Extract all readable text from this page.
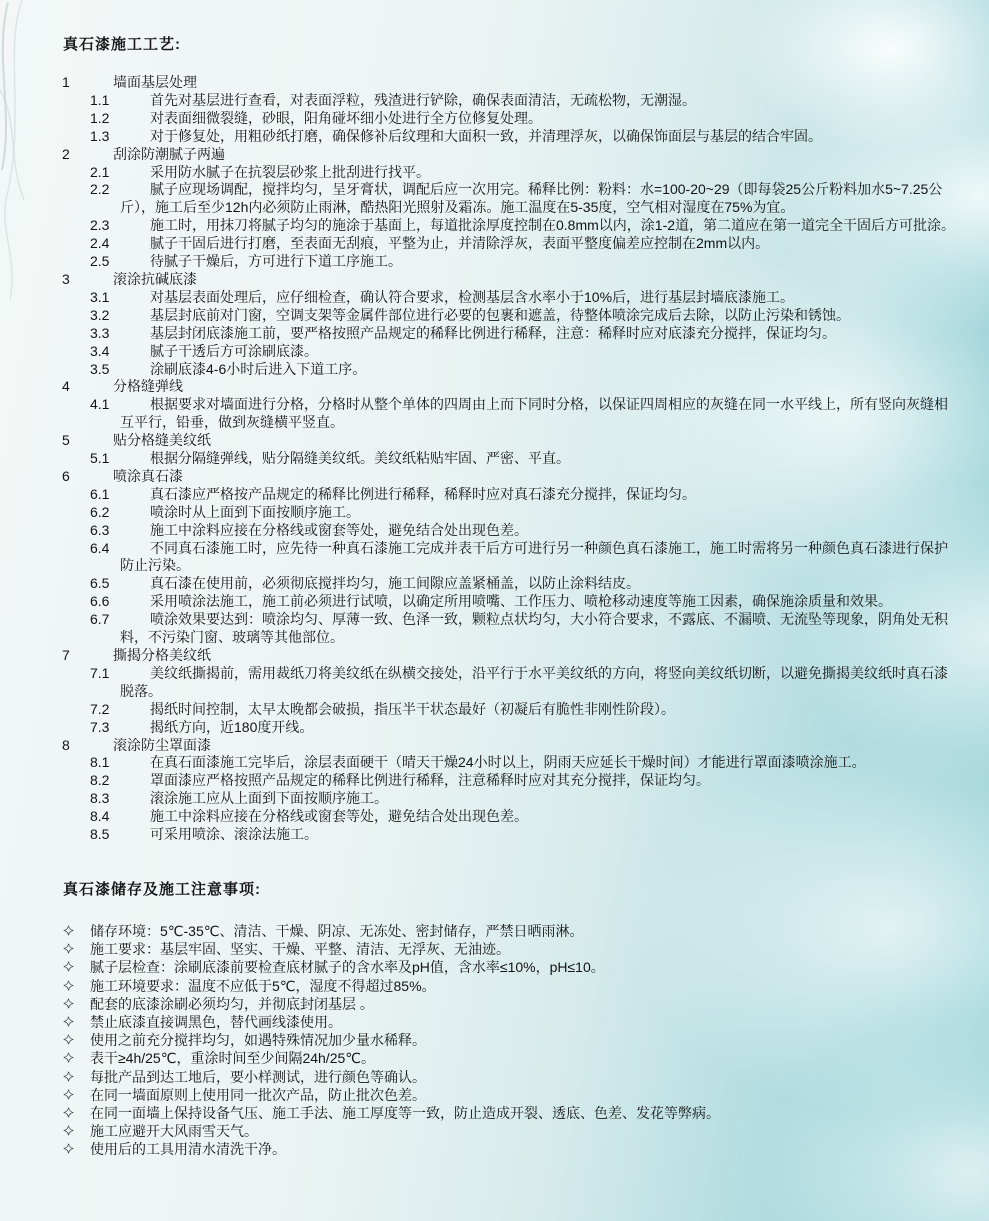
真石漆施工工艺:
1	墙面基层处理
1.1	首先对基层进行查看，对表面浮粒，残渣进行铲除，确保表面清洁，无疏松物，无潮湿。
1.2	对表面细微裂缝，砂眼，阳角碰坏细小处进行全方位修复处理。
1.3	对于修复处，用粗砂纸打磨，确保修补后纹理和大面积一致，并清理浮灰，以确保饰面层与基层的结合牢固。
2	刮涂防潮腻子两遍
2.1	采用防水腻子在抗裂层砂浆上批刮进行找平。
2.2	腻子应现场调配，搅拌均匀，呈牙膏状，调配后应一次用完。稀释比例：粉料：水=100-20~29（即每袋25公斤粉料加水5~7.25公斤），施工后至少12h内必须防止雨淋，酷热阳光照射及霜冻。施工温度在5-35度，空气相对湿度在75%为宜。
2.3	施工时，用抹刀将腻子均匀的施涂于基面上，每道批涂厚度控制在0.8mm以内，涂1-2道，第二道应在第一道完全干固后方可批涂。
2.4	腻子干固后进行打磨，至表面无刮痕，平整为止，并清除浮灰，表面平整度偏差应控制在2mm以内。
2.5	待腻子干燥后，方可进行下道工序施工。
3	滚涂抗碱底漆
3.1	对基层表面处理后，应仔细检查，确认符合要求，检测基层含水率小于10%后，进行基层封墙底漆施工。
3.2	基层封底前对门窗，空调支架等金属件部位进行必要的包裹和遮盖，待整体喷涂完成后去除，以防止污染和锈蚀。
3.3	基层封闭底漆施工前，要严格按照产品规定的稀释比例进行稀释，注意：稀释时应对底漆充分搅拌，保证均匀。
3.4	腻子干透后方可涂刷底漆。
3.5	涂刷底漆4-6小时后进入下道工序。
4	分格缝弹线
4.1	根据要求对墙面进行分格，分格时从整个单体的四周由上而下同时分格，以保证四周相应的灰缝在同一水平线上，所有竖向灰缝相互平行，铅垂，做到灰缝横平竖直。
5	贴分格缝美纹纸
5.1	根据分隔缝弹线，贴分隔缝美纹纸。美纹纸粘贴牢固、严密、平直。
6	喷涂真石漆
6.1	真石漆应严格按产品规定的稀释比例进行稀释，稀释时应对真石漆充分搅拌，保证均匀。
6.2	喷涂时从上面到下面按顺序施工。
6.3	施工中涂料应接在分格线或窗套等处，避免结合处出现色差。
6.4	不同真石漆施工时，应先待一种真石漆施工完成并表干后方可进行另一种颜色真石漆施工，施工时需将另一种颜色真石漆进行保护防止污染。
6.5	真石漆在使用前，必须彻底搅拌均匀，施工间隙应盖紧桶盖，以防止涂料结皮。
6.6	采用喷涂法施工，施工前必须进行试喷，以确定所用喷嘴、工作压力、喷枪移动速度等施工因素，确保施涂质量和效果。
6.7	喷涂效果要达到：喷涂均匀、厚薄一致、色泽一致，颗粒点状均匀，大小符合要求，不露底、不漏喷、无流坠等现象，阴角处无积料，不污染门窗、玻璃等其他部位。
7	撕揭分格美纹纸
7.1	美纹纸撕揭前，需用裁纸刀将美纹纸在纵横交接处，沿平行于水平美纹纸的方向，将竖向美纹纸切断，以避免撕揭美纹纸时真石漆脱落。
7.2	揭纸时间控制，太早太晚都会破损，指压半干状态最好（初凝后有脆性非刚性阶段）。
7.3	揭纸方向，近180度开线。
8	滚涂防尘罩面漆
8.1	在真石面漆施工完毕后，涂层表面硬干（晴天干燥24小时以上，阴雨天应延长干燥时间）才能进行罩面漆喷涂施工。
8.2	罩面漆应严格按照产品规定的稀释比例进行稀释，注意稀释时应对其充分搅拌，保证均匀。
8.3	滚涂施工应从上面到下面按顺序施工。
8.4	施工中涂料应接在分格线或窗套等处，避免结合处出现色差。
8.5	可采用喷涂、滚涂法施工。
真石漆储存及施工注意事项:
储存环境：5℃-35℃、清洁、干燥、阴凉、无冻处、密封储存，严禁日晒雨淋。
施工要求：基层牢固、坚实、干燥、平整、清洁、无浮灰、无油迹。
腻子层检查：涂刷底漆前要检查底材腻子的含水率及pH值，含水率≤10%，pH≤10。
施工环境要求：温度不应低于5℃，湿度不得超过85%。
配套的底漆涂刷必须均匀，并彻底封闭基层 。
禁止底漆直接调黑色，替代画线漆使用。
使用之前充分搅拌均匀，如遇特殊情况加少量水稀释。
表干≥4h/25℃，重涂时间至少间隔24h/25℃。
每批产品到达工地后，要小样测试，进行颜色等确认。
在同一墙面原则上使用同一批次产品，防止批次色差。
在同一面墙上保持设备气压、施工手法、施工厚度等一致，防止造成开裂、透底、色差、发花等弊病。
施工应避开大风雨雪天气。
使用后的工具用清水清洗干净。
